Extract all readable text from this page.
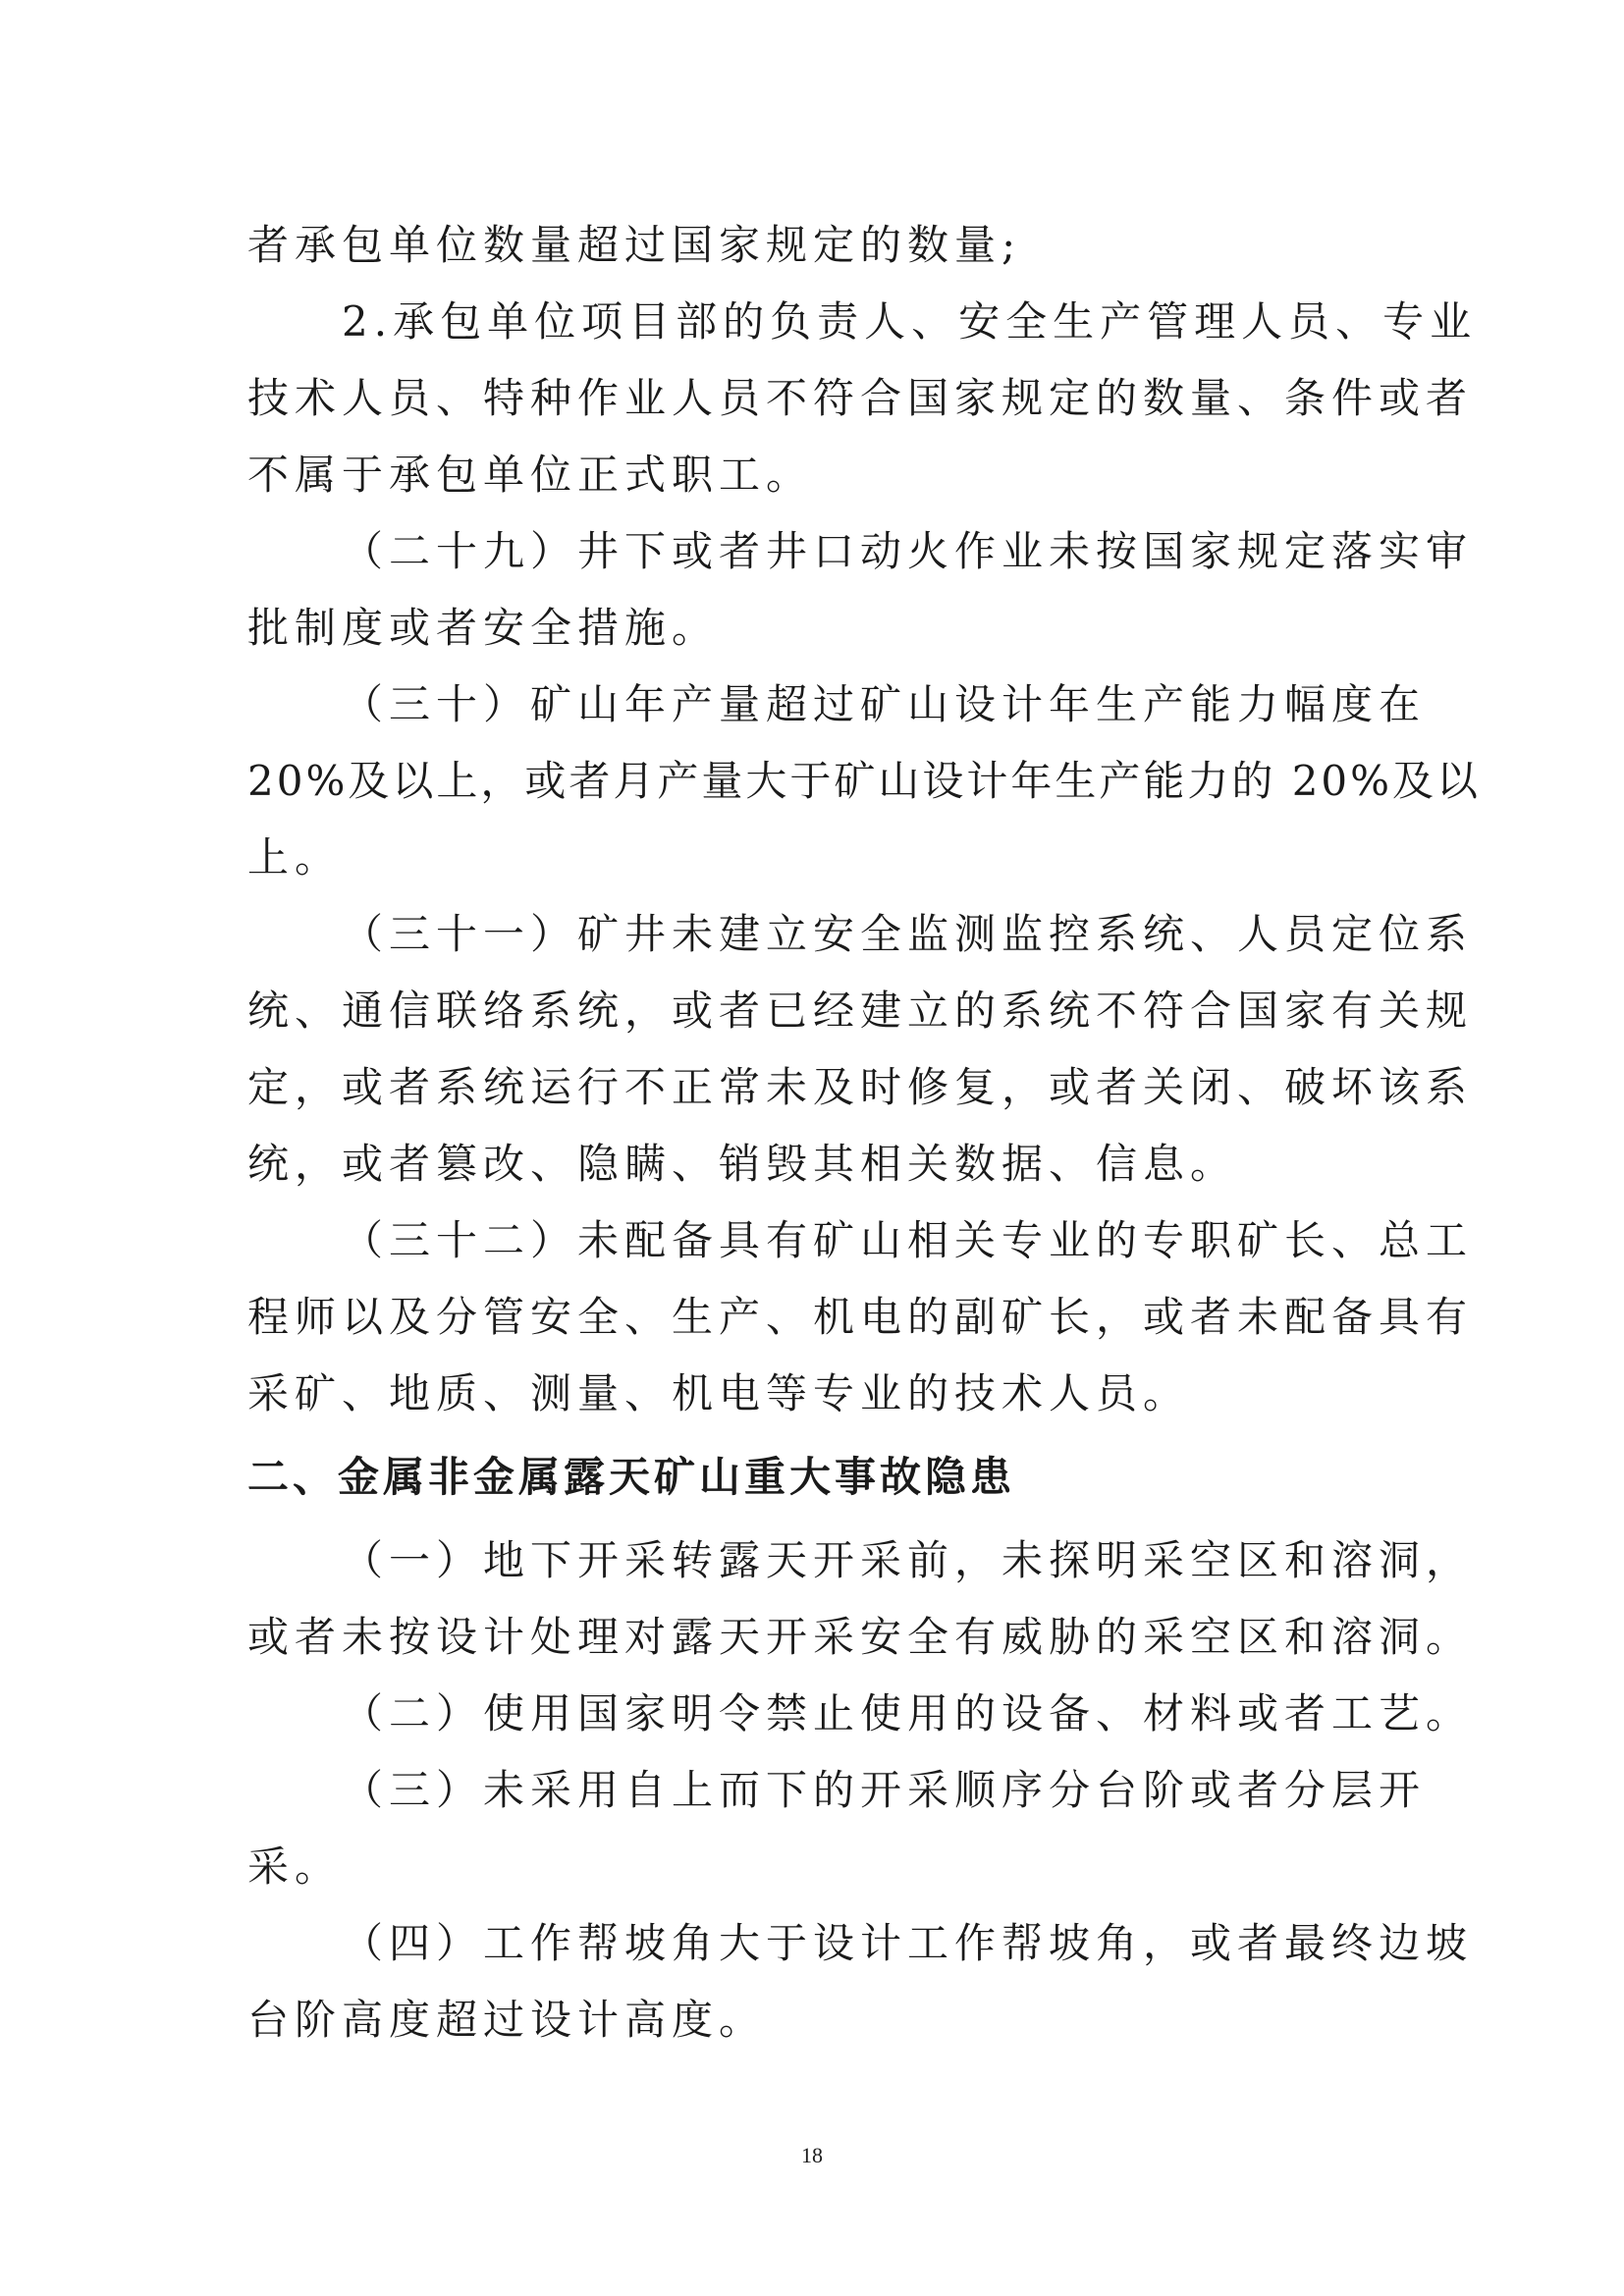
者承包单位数量超过国家规定的数量;
2.承包单位项目部的负责人、安全生产管理人员、专业
技术人员、特种作业人员不符合国家规定的数量、条件或者
不属于承包单位正式职工。
（二十九）井下或者井口动火作业未按国家规定落实审
批制度或者安全措施。
（三十）矿山年产量超过矿山设计年生产能力幅度在
20%及以上，或者月产量大于矿山设计年生产能力的 20%及以
上。
（三十一）矿井未建立安全监测监控系统、人员定位系
统、通信联络系统，或者已经建立的系统不符合国家有关规
定，或者系统运行不正常未及时修复，或者关闭、破坏该系
统，或者篡改、隐瞒、销毁其相关数据、信息。
（三十二）未配备具有矿山相关专业的专职矿长、总工
程师以及分管安全、生产、机电的副矿长，或者未配备具有
采矿、地质、测量、机电等专业的技术人员。
二、金属非金属露天矿山重大事故隐患
（一）地下开采转露天开采前，未探明采空区和溶洞，
或者未按设计处理对露天开采安全有威胁的采空区和溶洞。
（二）使用国家明令禁止使用的设备、材料或者工艺。
（三）未采用自上而下的开采顺序分台阶或者分层开
采。
（四）工作帮坡角大于设计工作帮坡角，或者最终边坡
台阶高度超过设计高度。
18
